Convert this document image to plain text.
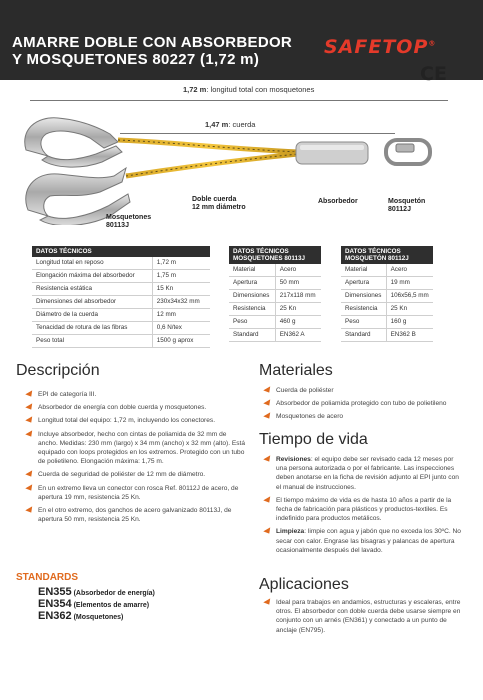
AMARRE DOBLE CON ABSORBEDOR
Y MOSQUETONES 80227 (1,72 m)
SAFETOP®
CE
1,72 m: longitud total con mosquetones
1,47 m: cuerda
Mosquetones
80113J
Doble cuerda
12 mm diámetro
Absorbedor	Mosquetón
80112J
DATOS TÉCNICOS	
Longitud total en reposo	1,72 m
Elongación máxima del absorbedor	1,75 m
Resistencia estática	15 Kn
Dimensiones del absorbedor	230x34x32 mm
Diámetro de la cuerda	12 mm
Tenacidad de rotura de las fibras	0,6 N/tex
Peso total	1500 g aprox
DATOS TÉCNICOS
MOSQUETONES 80113J	

Material	Acero
Apertura	50 mm
Dimensiones	217x118 mm
Resistencia	25 Kn
Peso	460 g
Standard	EN362 A
DATOS TÉCNICOS
MOSQUETÓN 80112J	

Material	Acero
Apertura	19 mm
Dimensiones	106x56,5 mm
Resistencia	25 Kn
Peso	160 g
Standard	EN362 B
Descripción
EPI de categoría III.
Absorbedor de energía con doble cuerda y mosquetones.
Longitud total del equipo: 1,72 m, incluyendo los conectores.
Incluye absorbedor, hecho con cintas de poliamida de 32 mm de ancho. Medidas: 230 mm (largo) x 34 mm (ancho) x 32 mm (alto). Está equipado con loops protegidos en los extremos. Protegido con un tubo de polietileno. Elongación máxima: 1,75 m.
Cuerda de seguridad de poliéster de 12 mm de diámetro.
En un extremo lleva un conector con rosca Ref. 80112J de acero, de apertura 19 mm, resistencia 25 Kn.
En el otro extremo, dos ganchos de acero galvanizado 80113J, de apertura 50 mm, resistencia 25 Kn.
Materiales
Cuerda de poliéster
Absorbedor de poliamida protegido con tubo de polietileno
Mosquetones de acero
Tiempo de vida
Revisiones: el equipo debe ser revisado cada 12 meses por una persona autorizada o por el fabricante. Las inspecciones deben anotarse en la ficha de revisión adjunto al EPI junto con el manual de instrucciones.
El tiempo máximo de vida es de hasta 10 años a partir de la fecha de fabricación para plásticos y productos-textiles. Es indefinido para productos metálicos.
Limpieza: limpie con agua y jabón que no exceda los 30ºC. No secar con calor. Engrase las bisagras y palancas de apertura ocasionalmente después del lavado.
Aplicaciones
Ideal para trabajos en andamios, estructuras y escaleras, entre otros. El absorbedor con doble cuerda debe usarse siempre en conjunto con un arnés (EN361) y conectado a un punto de anclaje (EN795).
STANDARDS
EN355 (Absorbedor de energía)
EN354 (Elementos de amarre)
EN362 (Mosquetones)
